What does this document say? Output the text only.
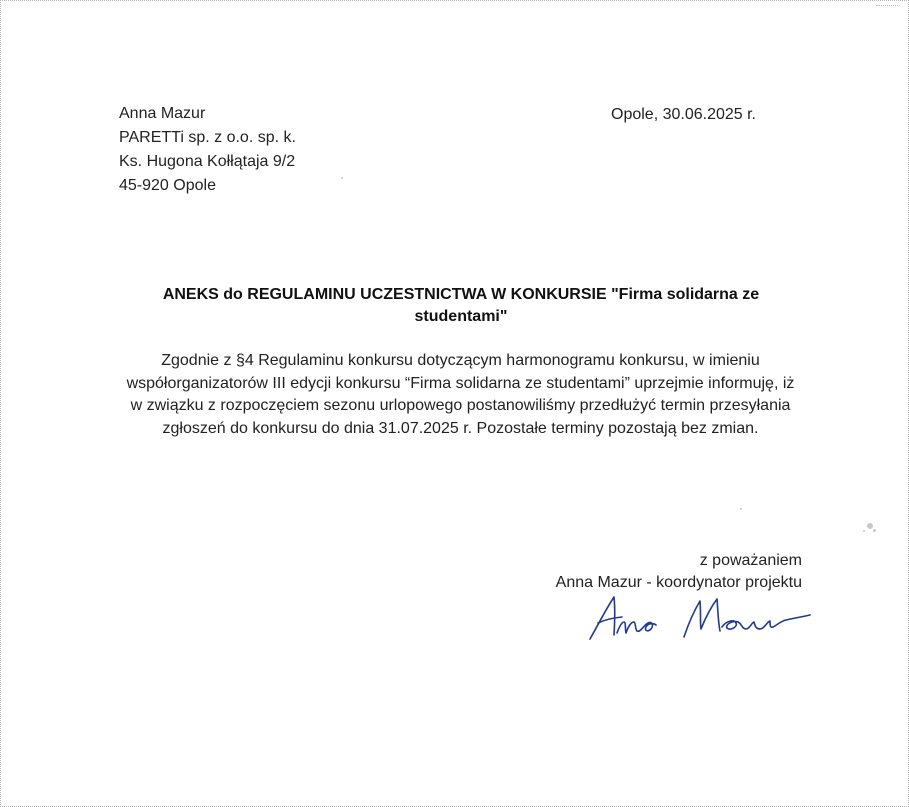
Anna Mazur
PARETTi sp. z o.o. sp. k.
Ks. Hugona Kołłątaja 9/2
45-920 Opole
Opole, 30.06.2025 r.
ANEKS do REGULAMINU UCZESTNICTWA W KONKURSIE "Firma solidarna ze studentami"
Zgodnie z §4 Regulaminu konkursu dotyczącym harmonogramu konkursu, w imieniu współorganizatorów III edycji konkursu “Firma solidarna ze studentami” uprzejmie informuję, iż w związku z rozpoczęciem sezonu urlopowego postanowiliśmy przedłużyć termin przesyłania zgłoszeń do konkursu do dnia 31.07.2025 r. Pozostałe terminy pozostają bez zmian.
z poważaniem
Anna Mazur - koordynator projektu
